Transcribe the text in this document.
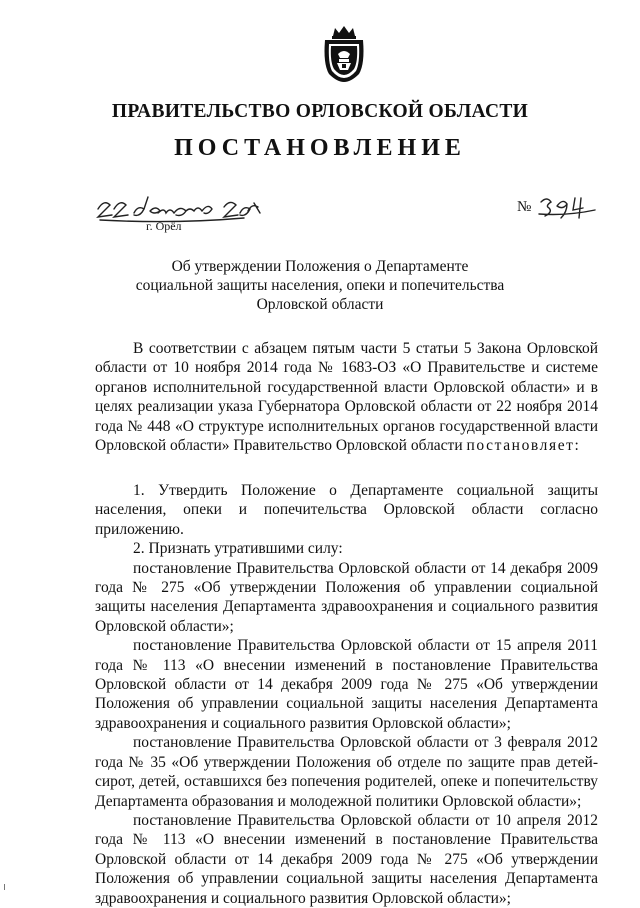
ПРАВИТЕЛЬСТВО ОРЛОВСКОЙ ОБЛАСТИ
ПОСТАНОВЛЕНИЕ
№
г. Орёл
Об утверждении Положения о Департаменте
социальной защиты населения, опеки и попечительства
Орловской области

В соответствии с абзацем пятым части 5 статьи 5 Закона Орловской области от 10 ноября 2014 года № 1683-ОЗ «О Правительстве и системе органов исполнительной государственной власти Орловской области» и в целях реализации указа Губернатора Орловской области от 22 ноября 2014 года № 448 «О структуре исполнительных органов государственной власти Орловской области» Правительство Орловской области постановляет:

1. Утвердить Положение о Департаменте социальной защиты населения, опеки и попечительства Орловской области согласно приложению.

2. Признать утратившими силу:

постановление Правительства Орловской области от 14 декабря 2009 года № 275 «Об утверждении Положения об управлении социальной защиты населения Департамента здравоохранения и социального развития Орловской области»;

постановление Правительства Орловской области от 15 апреля 2011 года № 113 «О внесении изменений в постановление Правительства Орловской области от 14 декабря 2009 года № 275 «Об утверждении Положения об управлении социальной защиты населения Департамента здравоохранения и социального развития Орловской области»;

постановление Правительства Орловской области от 3 февраля 2012 года № 35 «Об утверждении Положения об отделе по защите прав детей-сирот, детей, оставшихся без попечения родителей, опеке и попечительству Департамента образования и молодежной политики Орловской области»;

постановление Правительства Орловской области от 10 апреля 2012 года № 113 «О внесении изменений в постановление Правительства Орловской области от 14 декабря 2009 года № 275 «Об утверждении Положения об управлении социальной защиты населения Департамента здравоохранения и социального развития Орловской области»;
